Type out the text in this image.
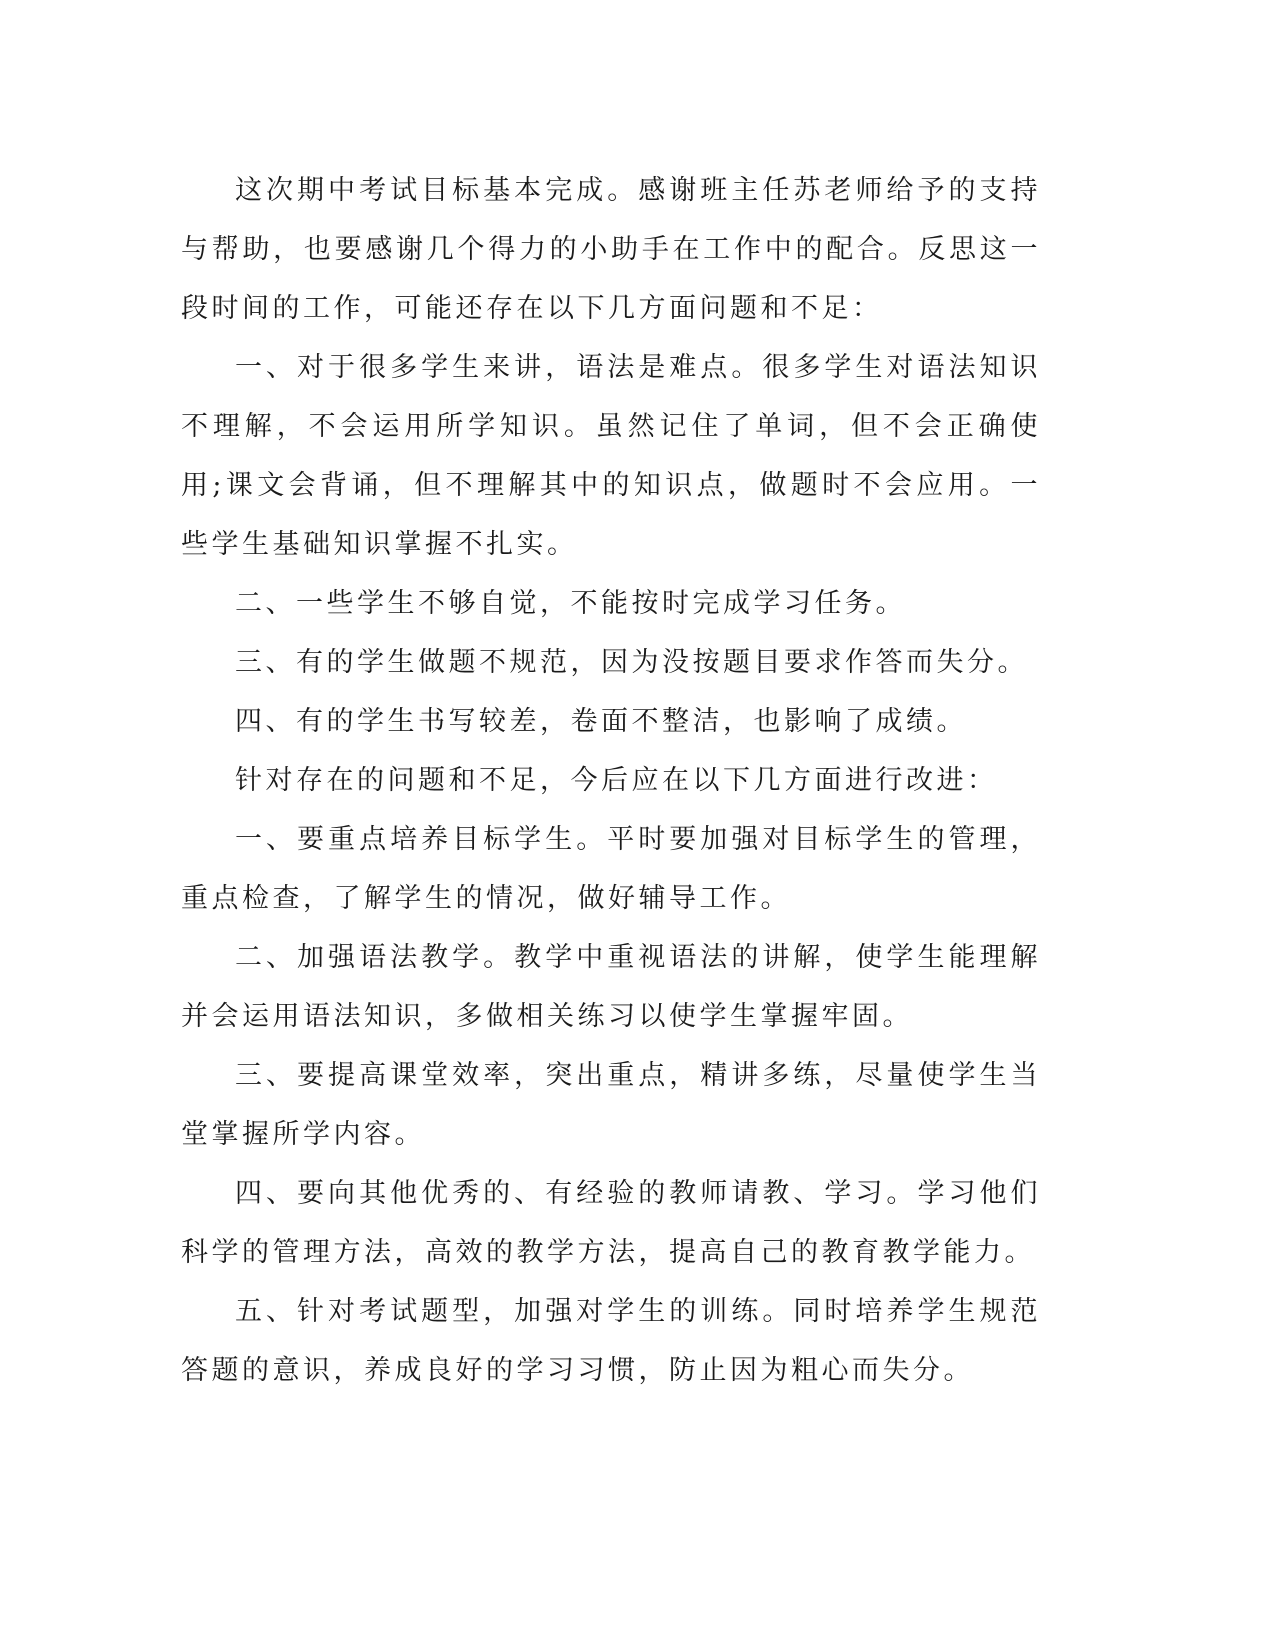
这次期中考试目标基本完成。感谢班主任苏老师给予的支持与帮助，也要感谢几个得力的小助手在工作中的配合。反思这一段时间的工作，可能还存在以下几方面问题和不足：

一、对于很多学生来讲，语法是难点。很多学生对语法知识不理解，不会运用所学知识。虽然记住了单词，但不会正确使用;课文会背诵，但不理解其中的知识点，做题时不会应用。一些学生基础知识掌握不扎实。

二、一些学生不够自觉，不能按时完成学习任务。

三、有的学生做题不规范，因为没按题目要求作答而失分。

四、有的学生书写较差，卷面不整洁，也影响了成绩。

针对存在的问题和不足，今后应在以下几方面进行改进：

一、要重点培养目标学生。平时要加强对目标学生的管理，重点检查，了解学生的情况，做好辅导工作。

二、加强语法教学。教学中重视语法的讲解，使学生能理解并会运用语法知识，多做相关练习以使学生掌握牢固。

三、要提高课堂效率，突出重点，精讲多练，尽量使学生当堂掌握所学内容。

四、要向其他优秀的、有经验的教师请教、学习。学习他们科学的管理方法，高效的教学方法，提高自己的教育教学能力。

五、针对考试题型，加强对学生的训练。同时培养学生规范答题的意识，养成良好的学习习惯，防止因为粗心而失分。
